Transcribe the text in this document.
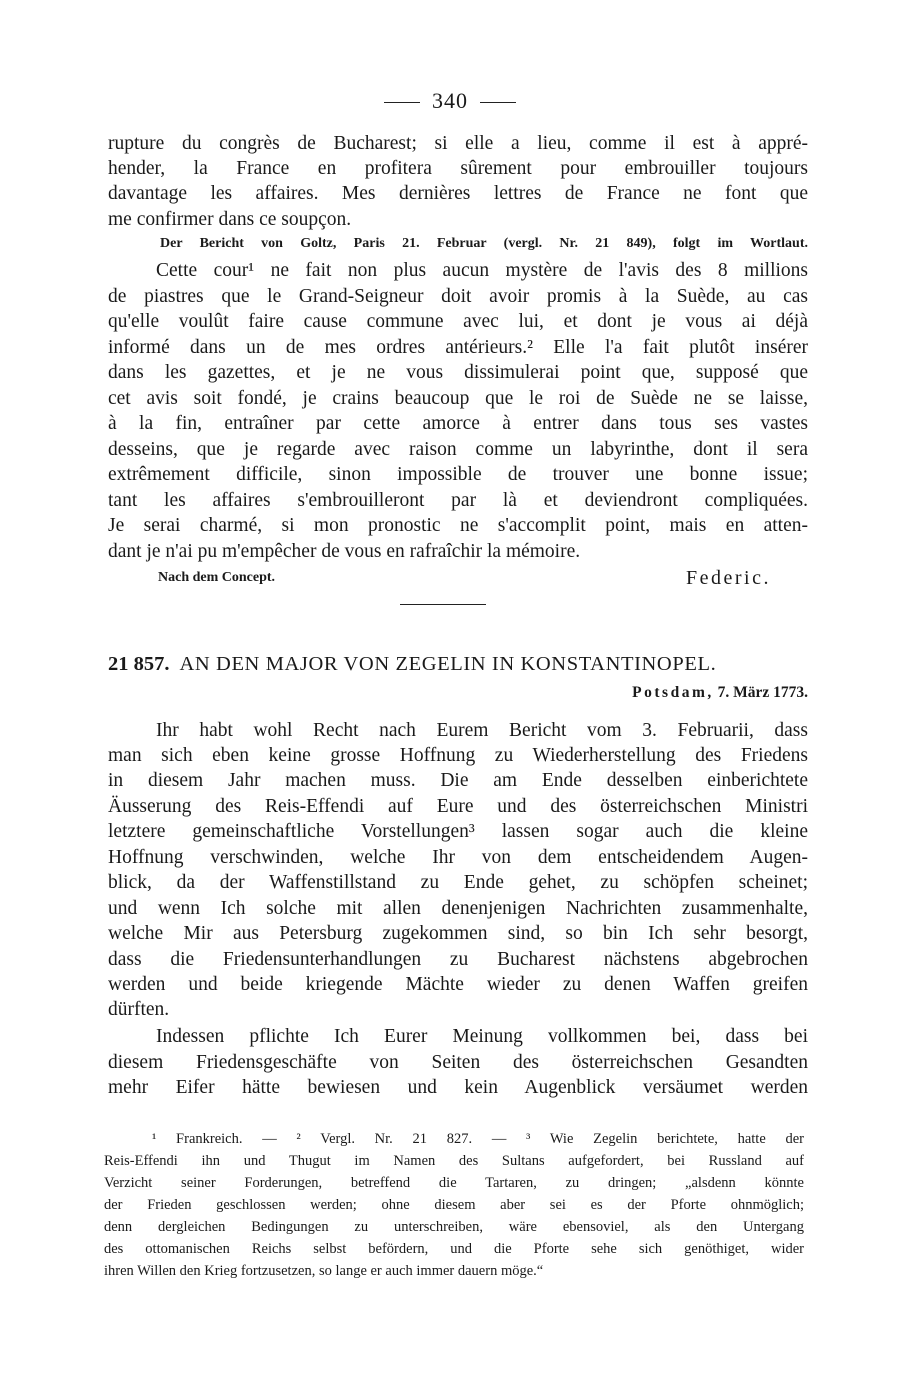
340
rupture du congrès de Bucharest; si elle a lieu, comme il est à appré-
hender, la France en profitera sûrement pour embrouiller toujours
davantage les affaires. Mes dernières lettres de France ne font que
me confirmer dans ce soupçon.
Der Bericht von Goltz, Paris 21. Februar (vergl. Nr. 21 849), folgt im Wortlaut.
Cette cour¹ ne fait non plus aucun mystère de l'avis des 8 millions
de piastres que le Grand-Seigneur doit avoir promis à la Suède, au cas
qu'elle voulût faire cause commune avec lui, et dont je vous ai déjà
informé dans un de mes ordres antérieurs.² Elle l'a fait plutôt insérer
dans les gazettes, et je ne vous dissimulerai point que, supposé que
cet avis soit fondé, je crains beaucoup que le roi de Suède ne se laisse,
à la fin, entraîner par cette amorce à entrer dans tous ses vastes
desseins, que je regarde avec raison comme un labyrinthe, dont il sera
extrêmement difficile, sinon impossible de trouver une bonne issue;
tant les affaires s'embrouilleront par là et deviendront compliquées.
Je serai charmé, si mon pronostic ne s'accomplit point, mais en atten-
dant je n'ai pu m'empêcher de vous en rafraîchir la mémoire.
Nach dem Concept.	Federic.
21 857. AN DEN MAJOR VON ZEGELIN IN KONSTANTINOPEL.
Potsdam, 7. März 1773.
Ihr habt wohl Recht nach Eurem Bericht vom 3. Februarii, dass
man sich eben keine grosse Hoffnung zu Wiederherstellung des Friedens
in diesem Jahr machen muss. Die am Ende desselben einberichtete
Äusserung des Reis-Effendi auf Eure und des österreichschen Ministri
letztere gemeinschaftliche Vorstellungen³ lassen sogar auch die kleine
Hoffnung verschwinden, welche Ihr von dem entscheidendem Augen-
blick, da der Waffenstillstand zu Ende gehet, zu schöpfen scheinet;
und wenn Ich solche mit allen denenjenigen Nachrichten zusammenhalte,
welche Mir aus Petersburg zugekommen sind, so bin Ich sehr besorgt,
dass die Friedensunterhandlungen zu Bucharest nächstens abgebrochen
werden und beide kriegende Mächte wieder zu denen Waffen greifen
dürften.
Indessen pflichte Ich Eurer Meinung vollkommen bei, dass bei
diesem Friedensgeschäfte von Seiten des österreichschen Gesandten
mehr Eifer hätte bewiesen und kein Augenblick versäumet werden
¹ Frankreich. — ² Vergl. Nr. 21 827. — ³ Wie Zegelin berichtete, hatte der
Reis-Effendi ihn und Thugut im Namen des Sultans aufgefordert, bei Russland auf
Verzicht seiner Forderungen, betreffend die Tartaren, zu dringen; „alsdenn könnte
der Frieden geschlossen werden; ohne diesem aber sei es der Pforte ohnmöglich;
denn dergleichen Bedingungen zu unterschreiben, wäre ebensoviel, als den Untergang
des ottomanischen Reichs selbst befördern, und die Pforte sehe sich genöthiget, wider
ihren Willen den Krieg fortzusetzen, so lange er auch immer dauern möge.“
